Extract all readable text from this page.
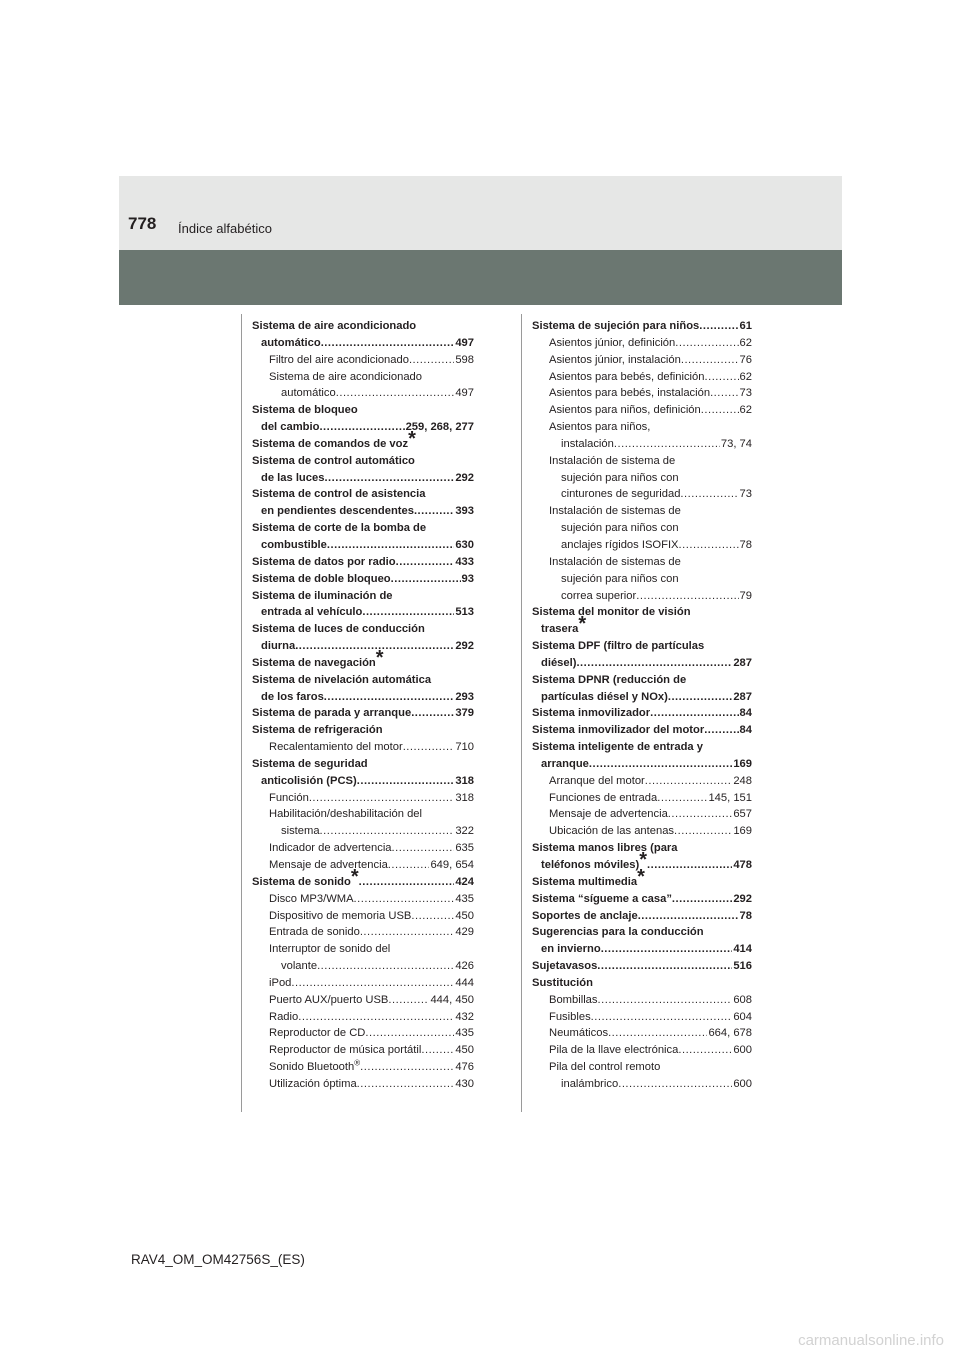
778 Índice alfabético
Sistema de aire acondicionado
automático .....	497
Filtro del aire acondicionado .....	598
Sistema de aire acondicionado
automático .....	497
Sistema de bloqueo
del cambio .....	259, 268, 277
Sistema de comandos de voz*
Sistema de control automático
de las luces .....	292
Sistema de control de asistencia
en pendientes descendentes .....	393
Sistema de corte de la bomba de
combustible .....	630
Sistema de datos por radio .....	433
Sistema de doble bloqueo .....	93
Sistema de iluminación de
entrada al vehículo .....	513
Sistema de luces de conducción
diurna .....	292
Sistema de navegación*
Sistema de nivelación automática
de los faros .....	293
Sistema de parada y arranque .....	379
Sistema de refrigeración
Recalentamiento del motor .....	710
Sistema de seguridad
anticolisión (PCS) .....	318
Función .....	318
Habilitación/deshabilitación del
sistema .....	322
Indicador de advertencia .....	635
Mensaje de advertencia .....	649, 654
Sistema de sonido* .....	424
Disco MP3/WMA .....	435
Dispositivo de memoria USB .....	450
Entrada de sonido .....	429
Interruptor de sonido del
volante .....	426
iPod .....	444
Puerto AUX/puerto USB .....	444, 450
Radio .....	432
Reproductor de CD .....	435
Reproductor de música portátil .....	450
Sonido Bluetooth® .....	476
Utilización óptima .....	430
Sistema de sujeción para niños .....	61
Asientos júnior, definición .....	62
Asientos júnior, instalación .....	76
Asientos para bebés, definición .....	62
Asientos para bebés, instalación .....	73
Asientos para niños, definición .....	62
Asientos para niños,
instalación .....	73, 74
Instalación de sistema de
sujeción para niños con
cinturones de seguridad .....	73
Instalación de sistemas de
sujeción para niños con
anclajes rígidos ISOFIX .....	78
Instalación de sistemas de
sujeción para niños con
correa superior .....	79
Sistema del monitor de visión
trasera*
Sistema DPF (filtro de partículas
diésel) .....	287
Sistema DPNR (reducción de
partículas diésel y NOx) .....	287
Sistema inmovilizador .....	84
Sistema inmovilizador del motor .....	84
Sistema inteligente de entrada y
arranque .....	169
Arranque del motor .....	248
Funciones de entrada .....	145, 151
Mensaje de advertencia .....	657
Ubicación de las antenas .....	169
Sistema manos libres (para
teléfonos móviles)* .....	478
Sistema multimedia*
Sistema “sígueme a casa” .....	292
Soportes de anclaje .....	78
Sugerencias para la conducción
en invierno .....	414
Sujetavasos .....	516
Sustitución
Bombillas .....	608
Fusibles .....	604
Neumáticos .....	664, 678
Pila de la llave electrónica .....	600
Pila del control remoto
inalámbrico .....	600
RAV4_OM_OM42756S_(ES)
carmanualsonline.info
